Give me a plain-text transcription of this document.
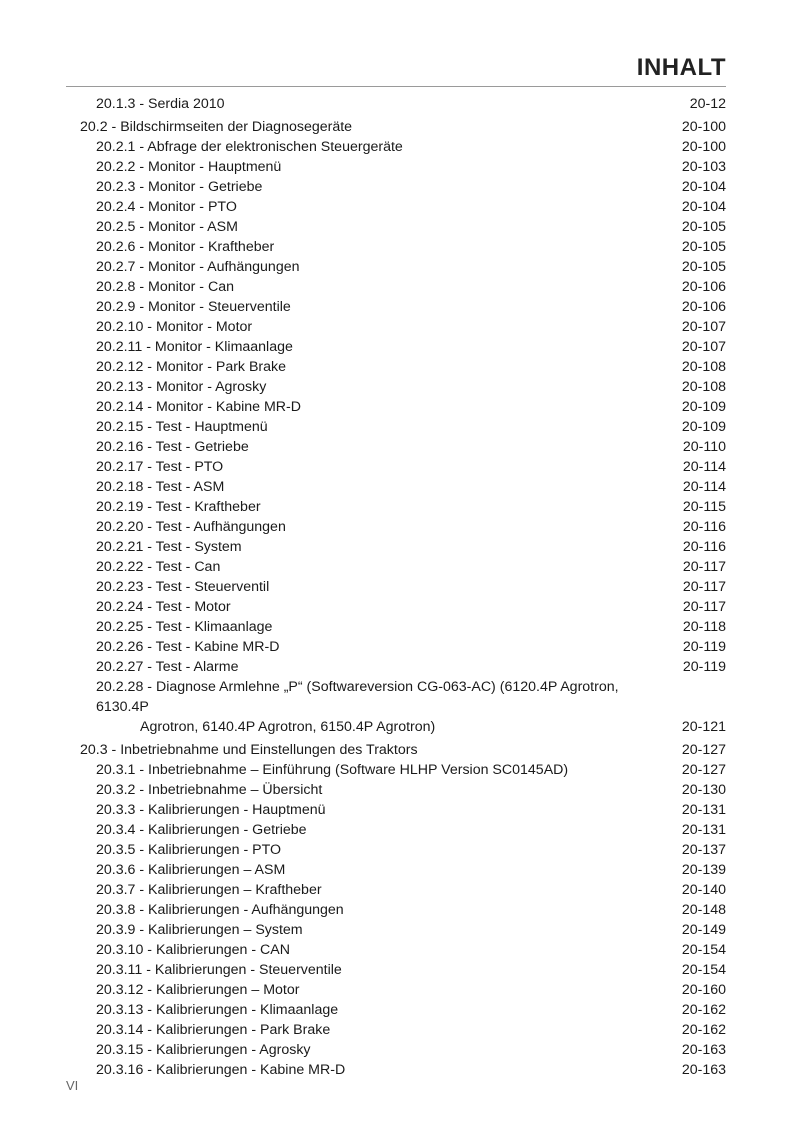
INHALT
20.1.3 - Serdia 2010	20-12
20.2 - Bildschirmseiten der Diagnosegeräte	20-100
20.2.1 - Abfrage der elektronischen Steuergeräte	20-100
20.2.2 - Monitor - Hauptmenü	20-103
20.2.3 - Monitor - Getriebe	20-104
20.2.4 - Monitor - PTO	20-104
20.2.5 - Monitor - ASM	20-105
20.2.6 - Monitor - Kraftheber	20-105
20.2.7 - Monitor - Aufhängungen	20-105
20.2.8 - Monitor - Can	20-106
20.2.9 - Monitor - Steuerventile	20-106
20.2.10 - Monitor - Motor	20-107
20.2.11 - Monitor - Klimaanlage	20-107
20.2.12 - Monitor - Park Brake	20-108
20.2.13 - Monitor - Agrosky	20-108
20.2.14 - Monitor - Kabine MR-D	20-109
20.2.15 - Test - Hauptmenü	20-109
20.2.16 - Test - Getriebe	20-110
20.2.17 - Test - PTO	20-114
20.2.18 - Test - ASM	20-114
20.2.19 - Test - Kraftheber	20-115
20.2.20 - Test - Aufhängungen	20-116
20.2.21 - Test - System	20-116
20.2.22 - Test - Can	20-117
20.2.23 - Test - Steuerventil	20-117
20.2.24 - Test - Motor	20-117
20.2.25 - Test - Klimaanlage	20-118
20.2.26 - Test - Kabine MR-D	20-119
20.2.27 - Test - Alarme	20-119
20.2.28 - Diagnose Armlehne „P“ (Softwareversion CG-063-AC) (6120.4P Agrotron, 6130.4P
Agrotron, 6140.4P Agrotron, 6150.4P Agrotron)	20-121
20.3 - Inbetriebnahme und Einstellungen des Traktors	20-127
20.3.1 - Inbetriebnahme – Einführung (Software HLHP Version SC0145AD)	20-127
20.3.2 - Inbetriebnahme – Übersicht	20-130
20.3.3 - Kalibrierungen - Hauptmenü	20-131
20.3.4 - Kalibrierungen - Getriebe	20-131
20.3.5 - Kalibrierungen - PTO	20-137
20.3.6 - Kalibrierungen – ASM	20-139
20.3.7 - Kalibrierungen – Kraftheber	20-140
20.3.8 - Kalibrierungen - Aufhängungen	20-148
20.3.9 - Kalibrierungen – System	20-149
20.3.10 - Kalibrierungen - CAN	20-154
20.3.11 - Kalibrierungen - Steuerventile	20-154
20.3.12 - Kalibrierungen – Motor	20-160
20.3.13 - Kalibrierungen - Klimaanlage	20-162
20.3.14 - Kalibrierungen - Park Brake	20-162
20.3.15 - Kalibrierungen - Agrosky	20-163
20.3.16 - Kalibrierungen - Kabine MR-D	20-163
VI
